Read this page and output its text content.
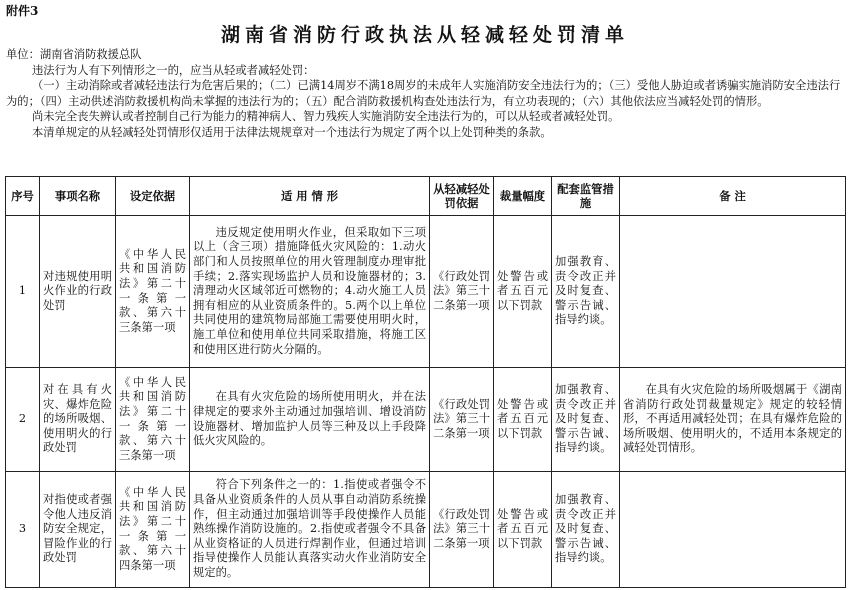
附件3
湖南省消防行政执法从轻减轻处罚清单

单位：湖南省消防救援总队

违法行为人有下列情形之一的，应当从轻或者减轻处罚：

（一）主动消除或者减轻违法行为危害后果的；（二）已满14周岁不满18周岁的未成年人实施消防安全违法行为的；（三）受他人胁迫或者诱骗实施消防安全违法行为的；（四）主动供述消防救援机构尚未掌握的违法行为的；（五）配合消防救援机构查处违法行为，有立功表现的；（六）其他依法应当减轻处罚的情形。

尚未完全丧失辨认或者控制自己行为能力的精神病人、智力残疾人实施消防安全违法行为的，可以从轻或者减轻处罚。

本清单规定的从轻减轻处罚情形仅适用于法律法规规章对一个违法行为规定了两个以上处罚种类的条款。

序号	事项名称	设定依据	适 用 情 形	从轻减轻处罚依据	裁量幅度	配套监管措施	备 注
1	对违规使用明火作业的行政处罚	《中华人民共和国消防法》第二十一条第一款、第六十三条第一项	违反规定使用明火作业，但采取如下三项以上（含三项）措施降低火灾风险的：1.动火部门和人员按照单位的用火管理制度办理审批手续；2.落实现场监护人员和设施器材的；3.清理动火区域邻近可燃物的；4.动火施工人员拥有相应的从业资质条件的。5.两个以上单位共同使用的建筑物局部施工需要使用明火时，施工单位和使用单位共同采取措施，将施工区和使用区进行防火分隔的。	《行政处罚法》第三十二条第一项	处警告或者五百元以下罚款	加强教育、责令改正并及时复查、警示告诫、指导约谈。	
2	对在具有火灾、爆炸危险的场所吸烟、使用明火的行政处罚	《中华人民共和国消防法》第二十一条第一款、第六十三条第一项	在具有火灾危险的场所使用明火，并在法律规定的要求外主动通过加强培训、增设消防设施器材、增加监护人员等三种及以上手段降低火灾风险的。	《行政处罚法》第三十二条第一项	处警告或者五百元以下罚款	加强教育、责令改正并及时复查、警示告诫、指导约谈。	在具有火灾危险的场所吸烟属于《湖南省消防行政处罚裁量规定》规定的较轻情形，不再适用减轻处罚；在具有爆炸危险的场所吸烟、使用明火的，不适用本条规定的减轻处罚情形。
3	对指使或者强令他人违反消防安全规定，冒险作业的行政处罚	《中华人民共和国消防法》第二十一条第一款、第六十四条第一项	符合下列条件之一的：1.指使或者强令不具备从业资质条件的人员从事自动消防系统操作，但主动通过加强培训等手段使操作人员能熟练操作消防设施的。2.指使或者强令不具备从业资格证的人员进行焊割作业，但通过培训指导使操作人员能认真落实动火作业消防安全规定的。	《行政处罚法》第三十二条第一项	处警告或者五百元以下罚款	加强教育、责令改正并及时复查、警示告诫、指导约谈。	
